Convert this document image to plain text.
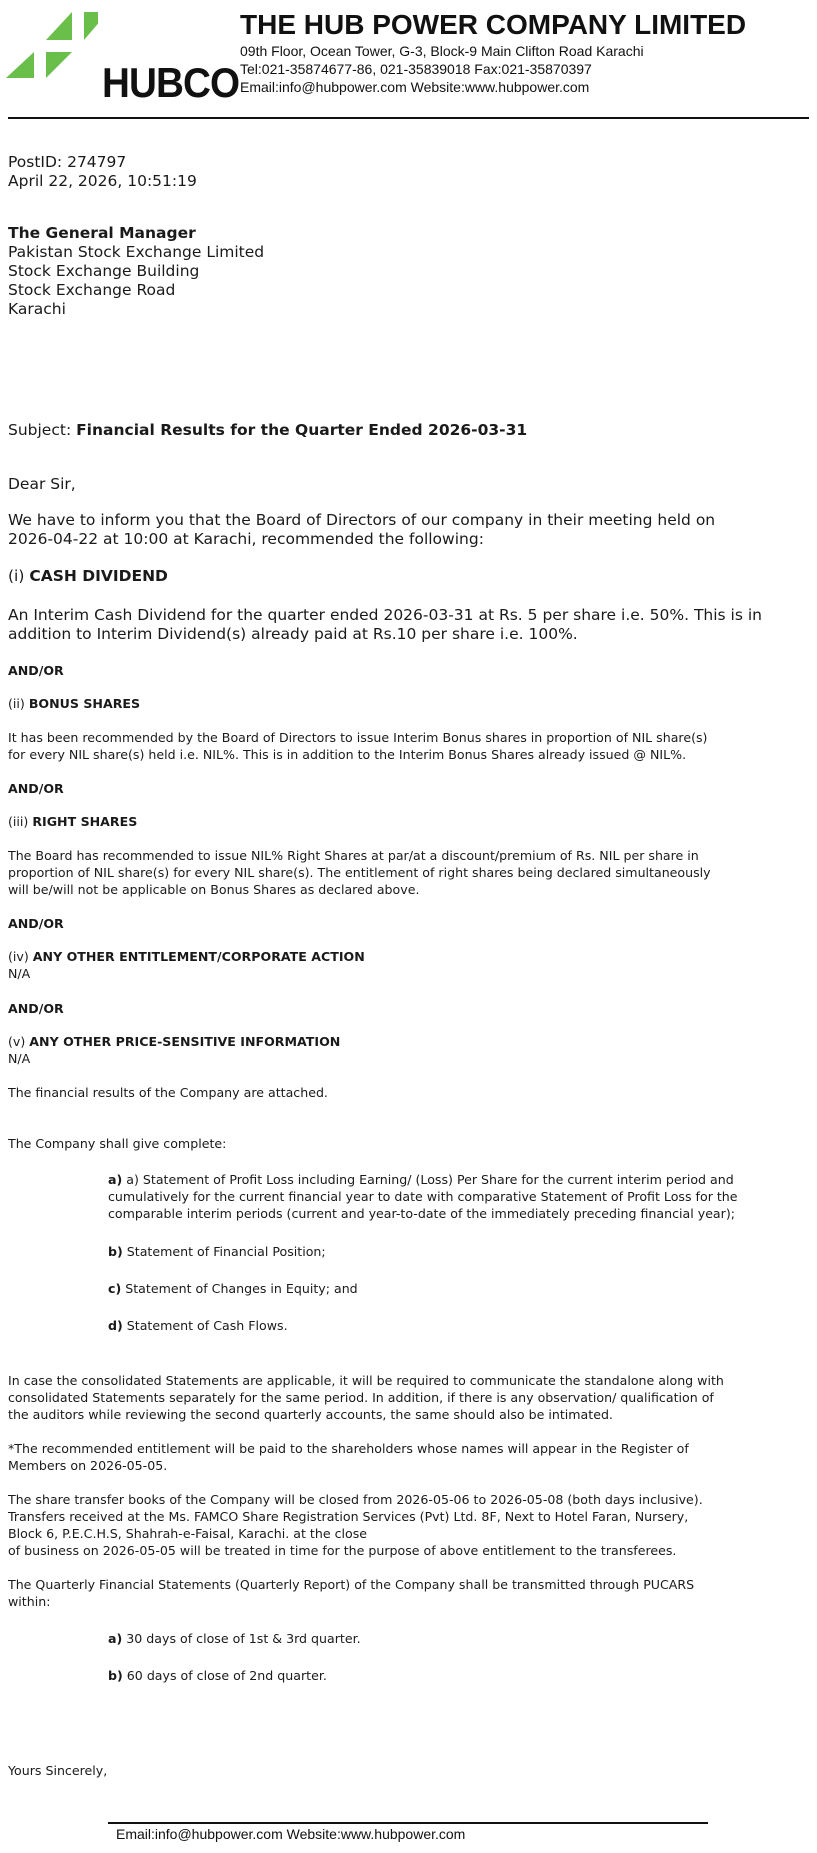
HUBCO
THE HUB POWER COMPANY LIMITED
09th Floor, Ocean Tower, G-3, Block-9 Main Clifton Road Karachi
Tel:021-35874677-86, 021-35839018 Fax:021-35870397
Email:info@hubpower.com Website:www.hubpower.com
PostID: 274797
April 22, 2026, 10:51:19
The General Manager
Pakistan Stock Exchange Limited
Stock Exchange Building
Stock Exchange Road
Karachi
Subject: Financial Results for the Quarter Ended 2026-03-31
Dear Sir,
We have to inform you that the Board of Directors of our company in their meeting held on
2026-04-22 at 10:00 at Karachi, recommended the following:
(i) CASH DIVIDEND
An Interim Cash Dividend for the quarter ended 2026-03-31 at Rs. 5 per share i.e. 50%. This is in
addition to Interim Dividend(s) already paid at Rs.10 per share i.e. 100%.
AND/OR
(ii) BONUS SHARES
It has been recommended by the Board of Directors to issue Interim Bonus shares in proportion of NIL share(s)
for every NIL share(s) held i.e. NIL%. This is in addition to the Interim Bonus Shares already issued @ NIL%.
AND/OR
(iii) RIGHT SHARES
The Board has recommended to issue NIL% Right Shares at par/at a discount/premium of Rs. NIL per share in
proportion of NIL share(s) for every NIL share(s). The entitlement of right shares being declared simultaneously
will be/will not be applicable on Bonus Shares as declared above.
AND/OR
(iv) ANY OTHER ENTITLEMENT/CORPORATE ACTION
N/A
AND/OR
(v) ANY OTHER PRICE-SENSITIVE INFORMATION
N/A
The financial results of the Company are attached.
The Company shall give complete:
a) a) Statement of Profit Loss including Earning/ (Loss) Per Share for the current interim period and
cumulatively for the current financial year to date with comparative Statement of Profit Loss for the
comparable interim periods (current and year-to-date of the immediately preceding financial year);
b) Statement of Financial Position;
c) Statement of Changes in Equity; and
d) Statement of Cash Flows.
In case the consolidated Statements are applicable, it will be required to communicate the standalone along with
consolidated Statements separately for the same period. In addition, if there is any observation/ qualification of
the auditors while reviewing the second quarterly accounts, the same should also be intimated.
*The recommended entitlement will be paid to the shareholders whose names will appear in the Register of
Members on 2026-05-05.
The share transfer books of the Company will be closed from 2026-05-06 to 2026-05-08 (both days inclusive).
Transfers received at the Ms. FAMCO Share Registration Services (Pvt) Ltd. 8F, Next to Hotel Faran, Nursery,
Block 6, P.E.C.H.S, Shahrah-e-Faisal, Karachi. at the close
of business on 2026-05-05 will be treated in time for the purpose of above entitlement to the transferees.
The Quarterly Financial Statements (Quarterly Report) of the Company shall be transmitted through PUCARS
within:
a) 30 days of close of 1st & 3rd quarter.
b) 60 days of close of 2nd quarter.
Yours Sincerely,
Email:info@hubpower.com Website:www.hubpower.com
